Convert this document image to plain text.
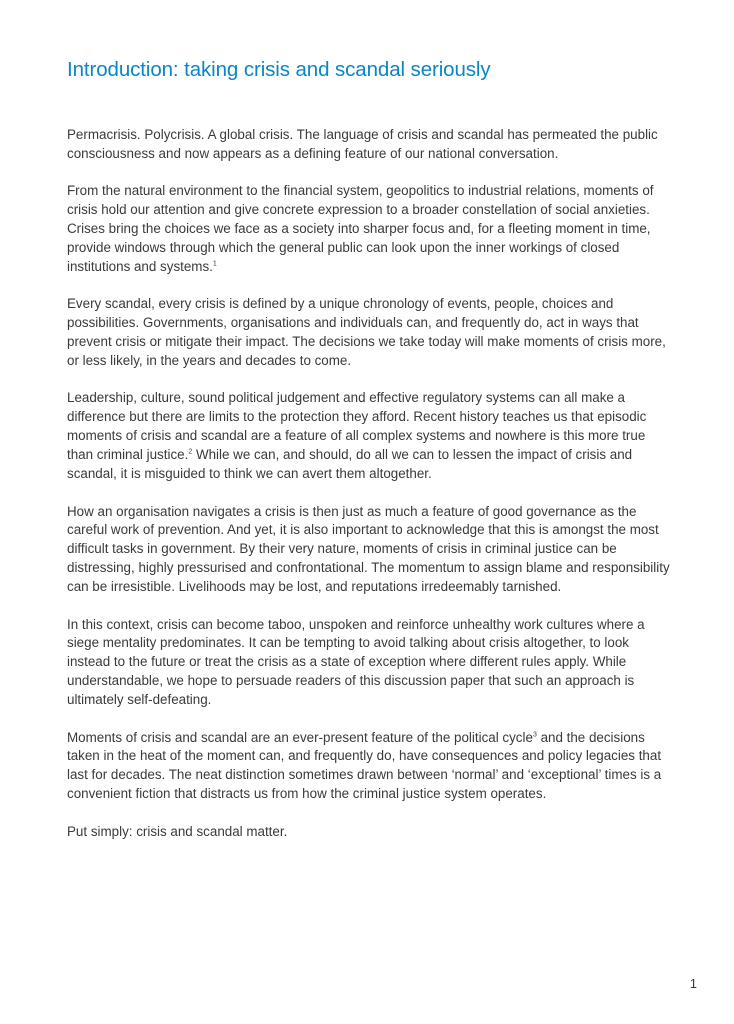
Introduction: taking crisis and scandal seriously

Permacrisis. Polycrisis. A global crisis. The language of crisis and scandal has permeated the public consciousness and now appears as a defining feature of our national conversation.

From the natural environment to the financial system, geopolitics to industrial relations, moments of crisis hold our attention and give concrete expression to a broader constellation of social anxieties. Crises bring the choices we face as a society into sharper focus and, for a fleeting moment in time, provide windows through which the general public can look upon the inner workings of closed institutions and systems.$^1$

Every scandal, every crisis is defined by a unique chronology of events, people, choices and possibilities. Governments, organisations and individuals can, and frequently do, act in ways that prevent crisis or mitigate their impact. The decisions we take today will make moments of crisis more, or less likely, in the years and decades to come.

Leadership, culture, sound political judgement and effective regulatory systems can all make a difference but there are limits to the protection they afford. Recent history teaches us that episodic moments of crisis and scandal are a feature of all complex systems and nowhere is this more true than criminal justice.$^2$ While we can, and should, do all we can to lessen the impact of crisis and scandal, it is misguided to think we can avert them altogether.

How an organisation navigates a crisis is then just as much a feature of good governance as the careful work of prevention. And yet, it is also important to acknowledge that this is amongst the most difficult tasks in government. By their very nature, moments of crisis in criminal justice can be distressing, highly pressurised and confrontational. The momentum to assign blame and responsibility can be irresistible. Livelihoods may be lost, and reputations irredeemably tarnished.

In this context, crisis can become taboo, unspoken and reinforce unhealthy work cultures where a siege mentality predominates. It can be tempting to avoid talking about crisis altogether, to look instead to the future or treat the crisis as a state of exception where different rules apply. While understandable, we hope to persuade readers of this discussion paper that such an approach is ultimately self-defeating.

Moments of crisis and scandal are an ever-present feature of the political cycle$^3$ and the decisions taken in the heat of the moment can, and frequently do, have consequences and policy legacies that last for decades. The neat distinction sometimes drawn between ‘normal’ and ‘exceptional’ times is a convenient fiction that distracts us from how the criminal justice system operates.

Put simply: crisis and scandal matter.

1
